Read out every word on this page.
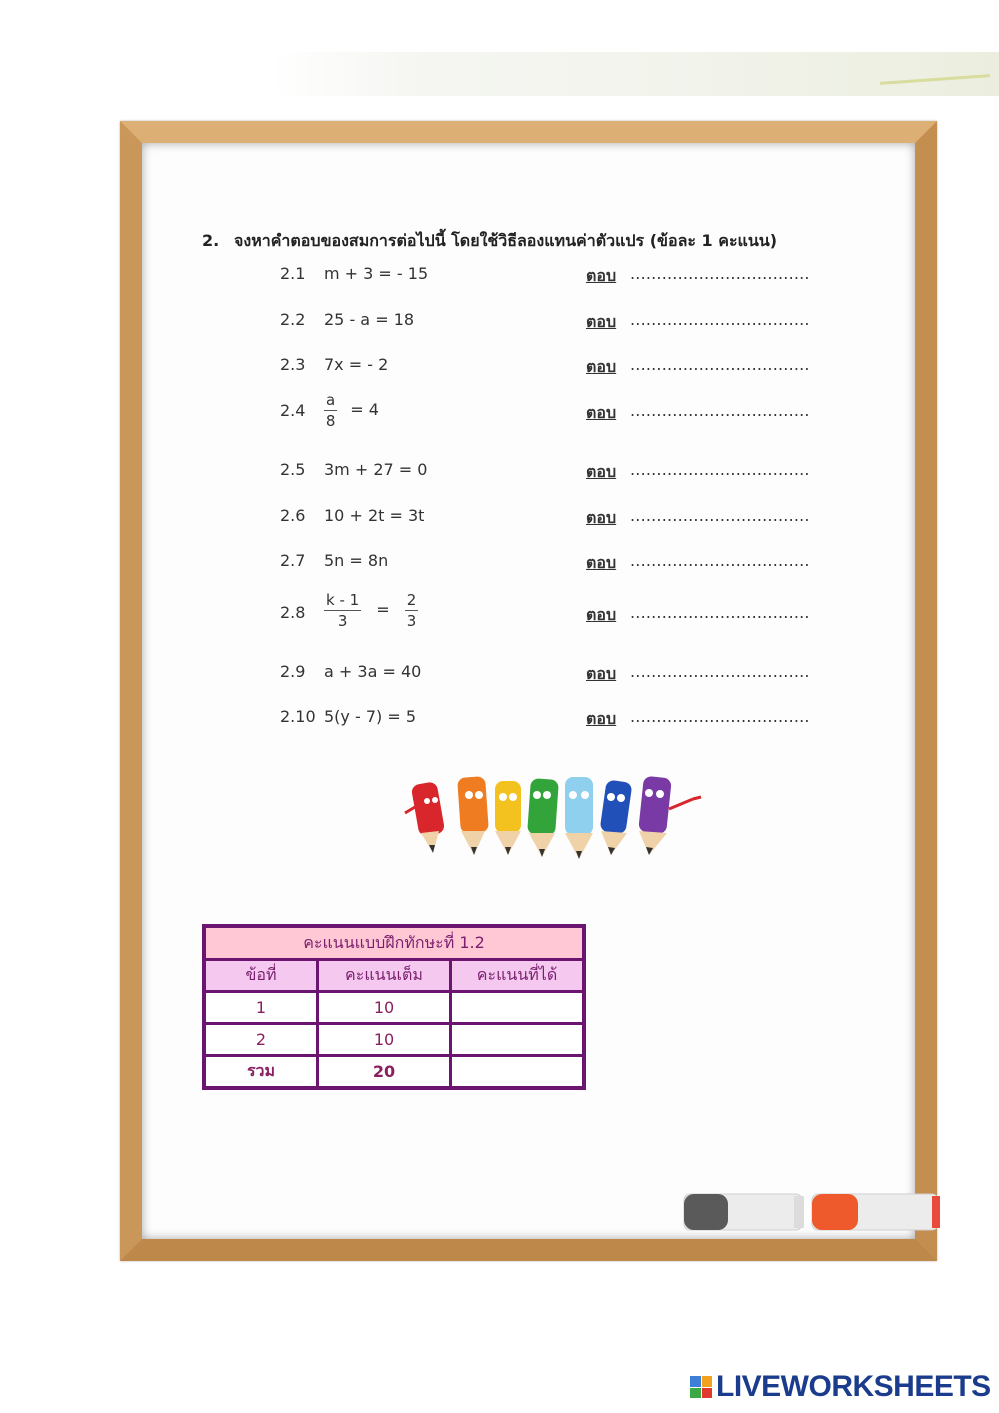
2. จงหาคำตอบของสมการต่อไปนี้ โดยใช้วิธีลองแทนค่าตัวแปร (ข้อละ 1 คะแนน)
2.1	m + 3 = - 15	ตอบ ..................................
2.2	25 - a = 18	ตอบ ..................................
2.3	7x = - 2	ตอบ ..................................
2.4	$\frac{a}{8} = 4$	ตอบ ..................................
2.5	3m + 27 = 0	ตอบ ..................................
2.6	10 + 2t = 3t	ตอบ ..................................
2.7	5n = 8n	ตอบ ..................................
2.8	$\frac{k - 1}{3} = \frac{2}{3}$	ตอบ ..................................
2.9	a + 3a = 40	ตอบ ..................................
2.10 5(y - 7) = 5	ตอบ ..................................
คะแนนแบบฝึกทักษะที่ 1.2		
ข้อที่	คะแนนเต็ม	คะแนนที่ได้
1	10	
2	10	
รวม	20	
LIVEWORKSHEETS
